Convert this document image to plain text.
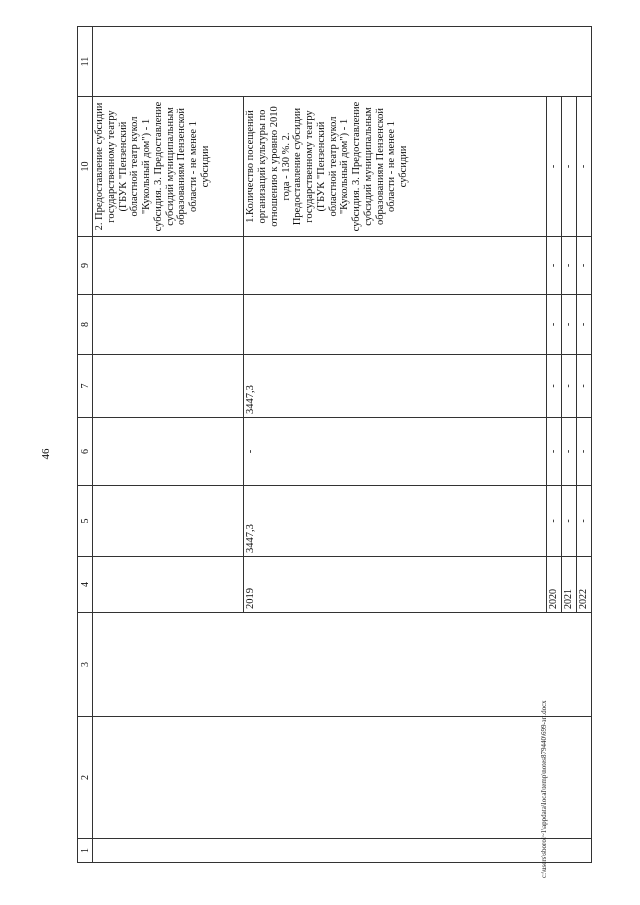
46
1	2	3	4	5	6	7	8	9	10	11
									2. Предоставление субсидии государственному театру (ГБУК "Пензенский областной театр кукол "Кукольный дом") - 1 субсидия. 3. Предоставление субсидий муниципальным образованиям Пензенской области - не менее 1 субсидии	
			2019	3447,3	-	3447,3			1.Количество посещений организаций культуры по отношению к уровню 2010 года - 130 %. 2. Предоставление субсидии государственному театру (ГБУК "Пензенский областной театр кукол "Кукольный дом") - 1 субсидия. 3. Предоставление субсидий муниципальным образованиям Пензенской области - не менее 1 субсидии	
			2020	-	-	-	-	-	-	
			2021	-	-	-	-	-	-	
			2022	-	-	-	-	-	-	
c:\users\sborol~1\appdata\local\temp\notes879440\699-зп.docx
